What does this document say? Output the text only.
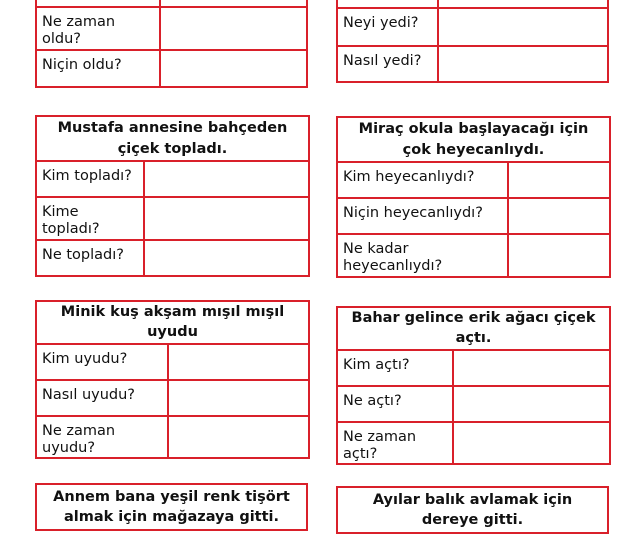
Ne zaman oldu?	
Niçin oldu?	

Neyi yedi?	
Nasıl yedi?	
Mustafa annesine bahçeden çiçek topladı.	
Kim topladı?	
Kime topladı?	
Ne topladı?	
Miraç okula başlayacağı için çok heyecanlıydı.	
Kim heyecanlıydı?	
Niçin heyecanlıydı?	
Ne kadar heyecanlıydı?	
Minik kuş akşam mışıl mışıl uyudu	
Kim uyudu?	
Nasıl uyudu?	
Ne zaman uyudu?	
Bahar gelince erik ağacı çiçek açtı.	
Kim açtı?	
Ne açtı?	
Ne zaman açtı?	
Annem bana yeşil renk tişört almak için mağazaya gitti.
Ayılar balık avlamak için dereye gitti.
